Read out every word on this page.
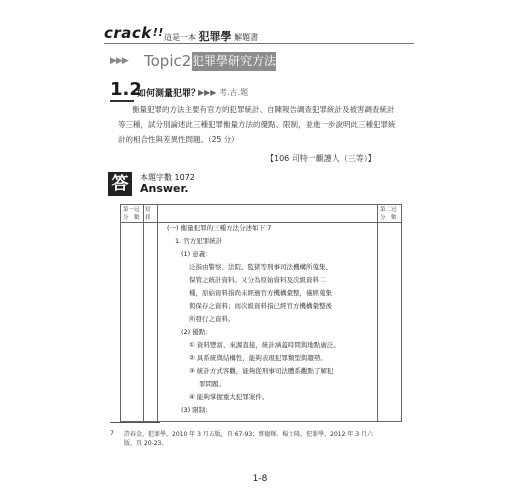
crack!! 這是一本 犯罪學 解題書
▶▶▶ Topic2 犯罪學研究方法
1.2
如何測量犯罪？
▶▶▶ 考.古.題
衡量犯罪的方法主要有官方的犯罪統計、自陳報告調查犯罪統計及被害調查統計等三種，試分別論述此三種犯罪衡量方法的優點、限制，並進一步說明此三種犯罪統計的相合性與差異性問題。（25 分）
【106 司特一觀護人（三等）】
答	本題字數 1072
Answer.
第一冠
分　數
寫
我
第二冠
分　數
(一) 衡量犯罪的三種方法分述如下 7
1. 官方犯罪統計
(1) 意義：
泛指由警察、法院、監獄等刑事司法機構所蒐集、
保管之統計資料。又分為原始資料及次級資料二
種，原始資料指尚未經過官方機構彙整，僅經蒐集
與保存之資料；而次級資料指已經官方機構彙整後
所發行之資料。
(2) 優點：
① 資料豐富、來源直接，統計涵蓋時間與地點廣泛。
② 具系統與結構性，能夠表現犯罪類型與趨勢。
③ 統計方式客觀，能夠從刑事司法體系觀點了解犯
罪問題。
④ 能夠掌握重大犯罪案件。
(3) 限制：
7 許春金，犯罪學，2010 年 3 月五版，頁 67-93；蔡德輝、楊士隆，犯罪學，2012 年 3 月六版，頁 20-23。
1-8
